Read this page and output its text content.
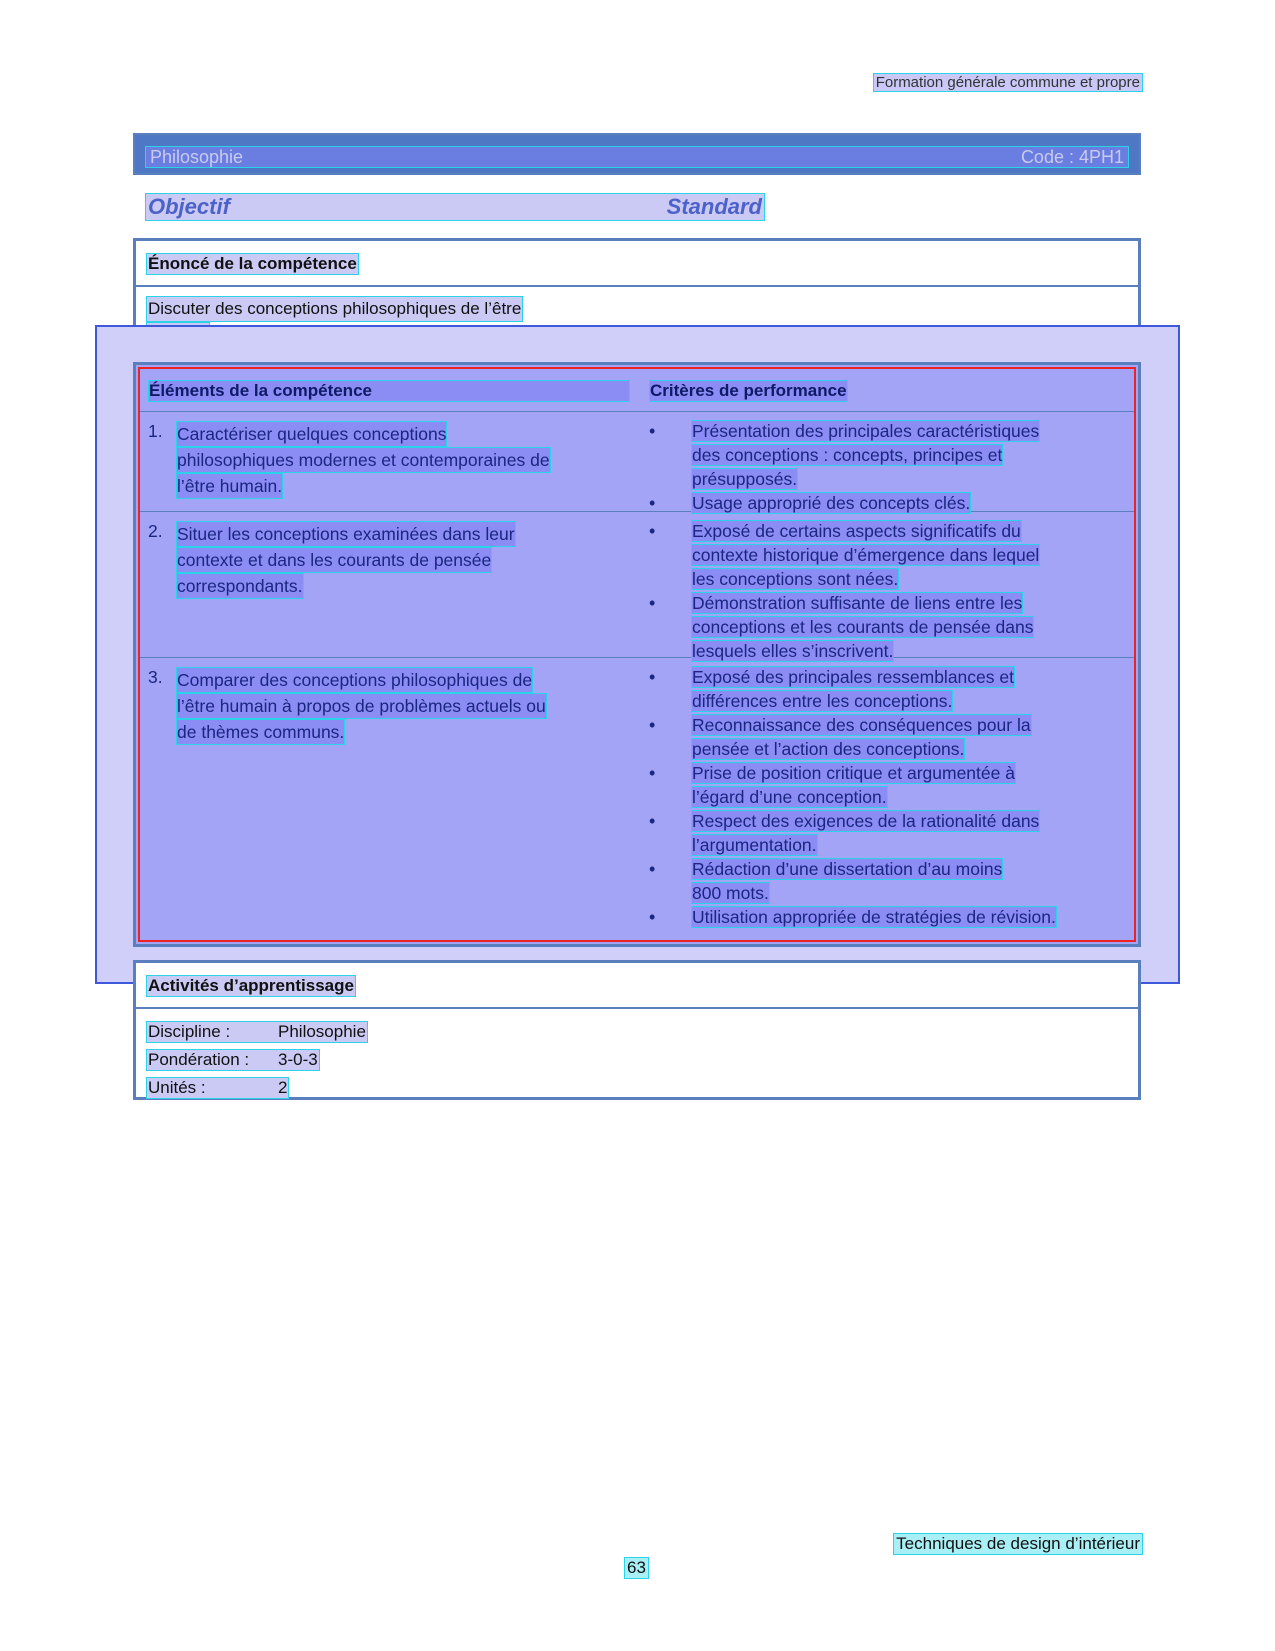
Formation générale commune et propre
Philosophie	Code : 4PH1
Objectif	Standard
Énoncé de la compétence
Discuter des conceptions philosophiques de l’être

Éléments de la compétence	Critères de performance
1. Caractériser quelques conceptions
philosophiques modernes et contemporaines de
l’être humain.
• Présentation des principales caractéristiques
des conceptions : concepts, principes et
présupposés.
• Usage approprié des concepts clés.
2. Situer les conceptions examinées dans leur
contexte et dans les courants de pensée
correspondants.
• Exposé de certains aspects significatifs du
contexte historique d’émergence dans lequel
les conceptions sont nées.
• Démonstration suffisante de liens entre les
conceptions et les courants de pensée dans
lesquels elles s’inscrivent.
3. Comparer des conceptions philosophiques de
l’être humain à propos de problèmes actuels ou
de thèmes communs.
• Exposé des principales ressemblances et
différences entre les conceptions.
• Reconnaissance des conséquences pour la
pensée et l’action des conceptions.
• Prise de position critique et argumentée à
l’égard d’une conception.
• Respect des exigences de la rationalité dans
l’argumentation.
• Rédaction d’une dissertation d’au moins
800 mots.
• Utilisation appropriée de stratégies de révision.
Activités d’apprentissage
Discipline :	Philosophie
Pondération : 3-0-3
Unités :	2
Techniques de design d’intérieur
63
